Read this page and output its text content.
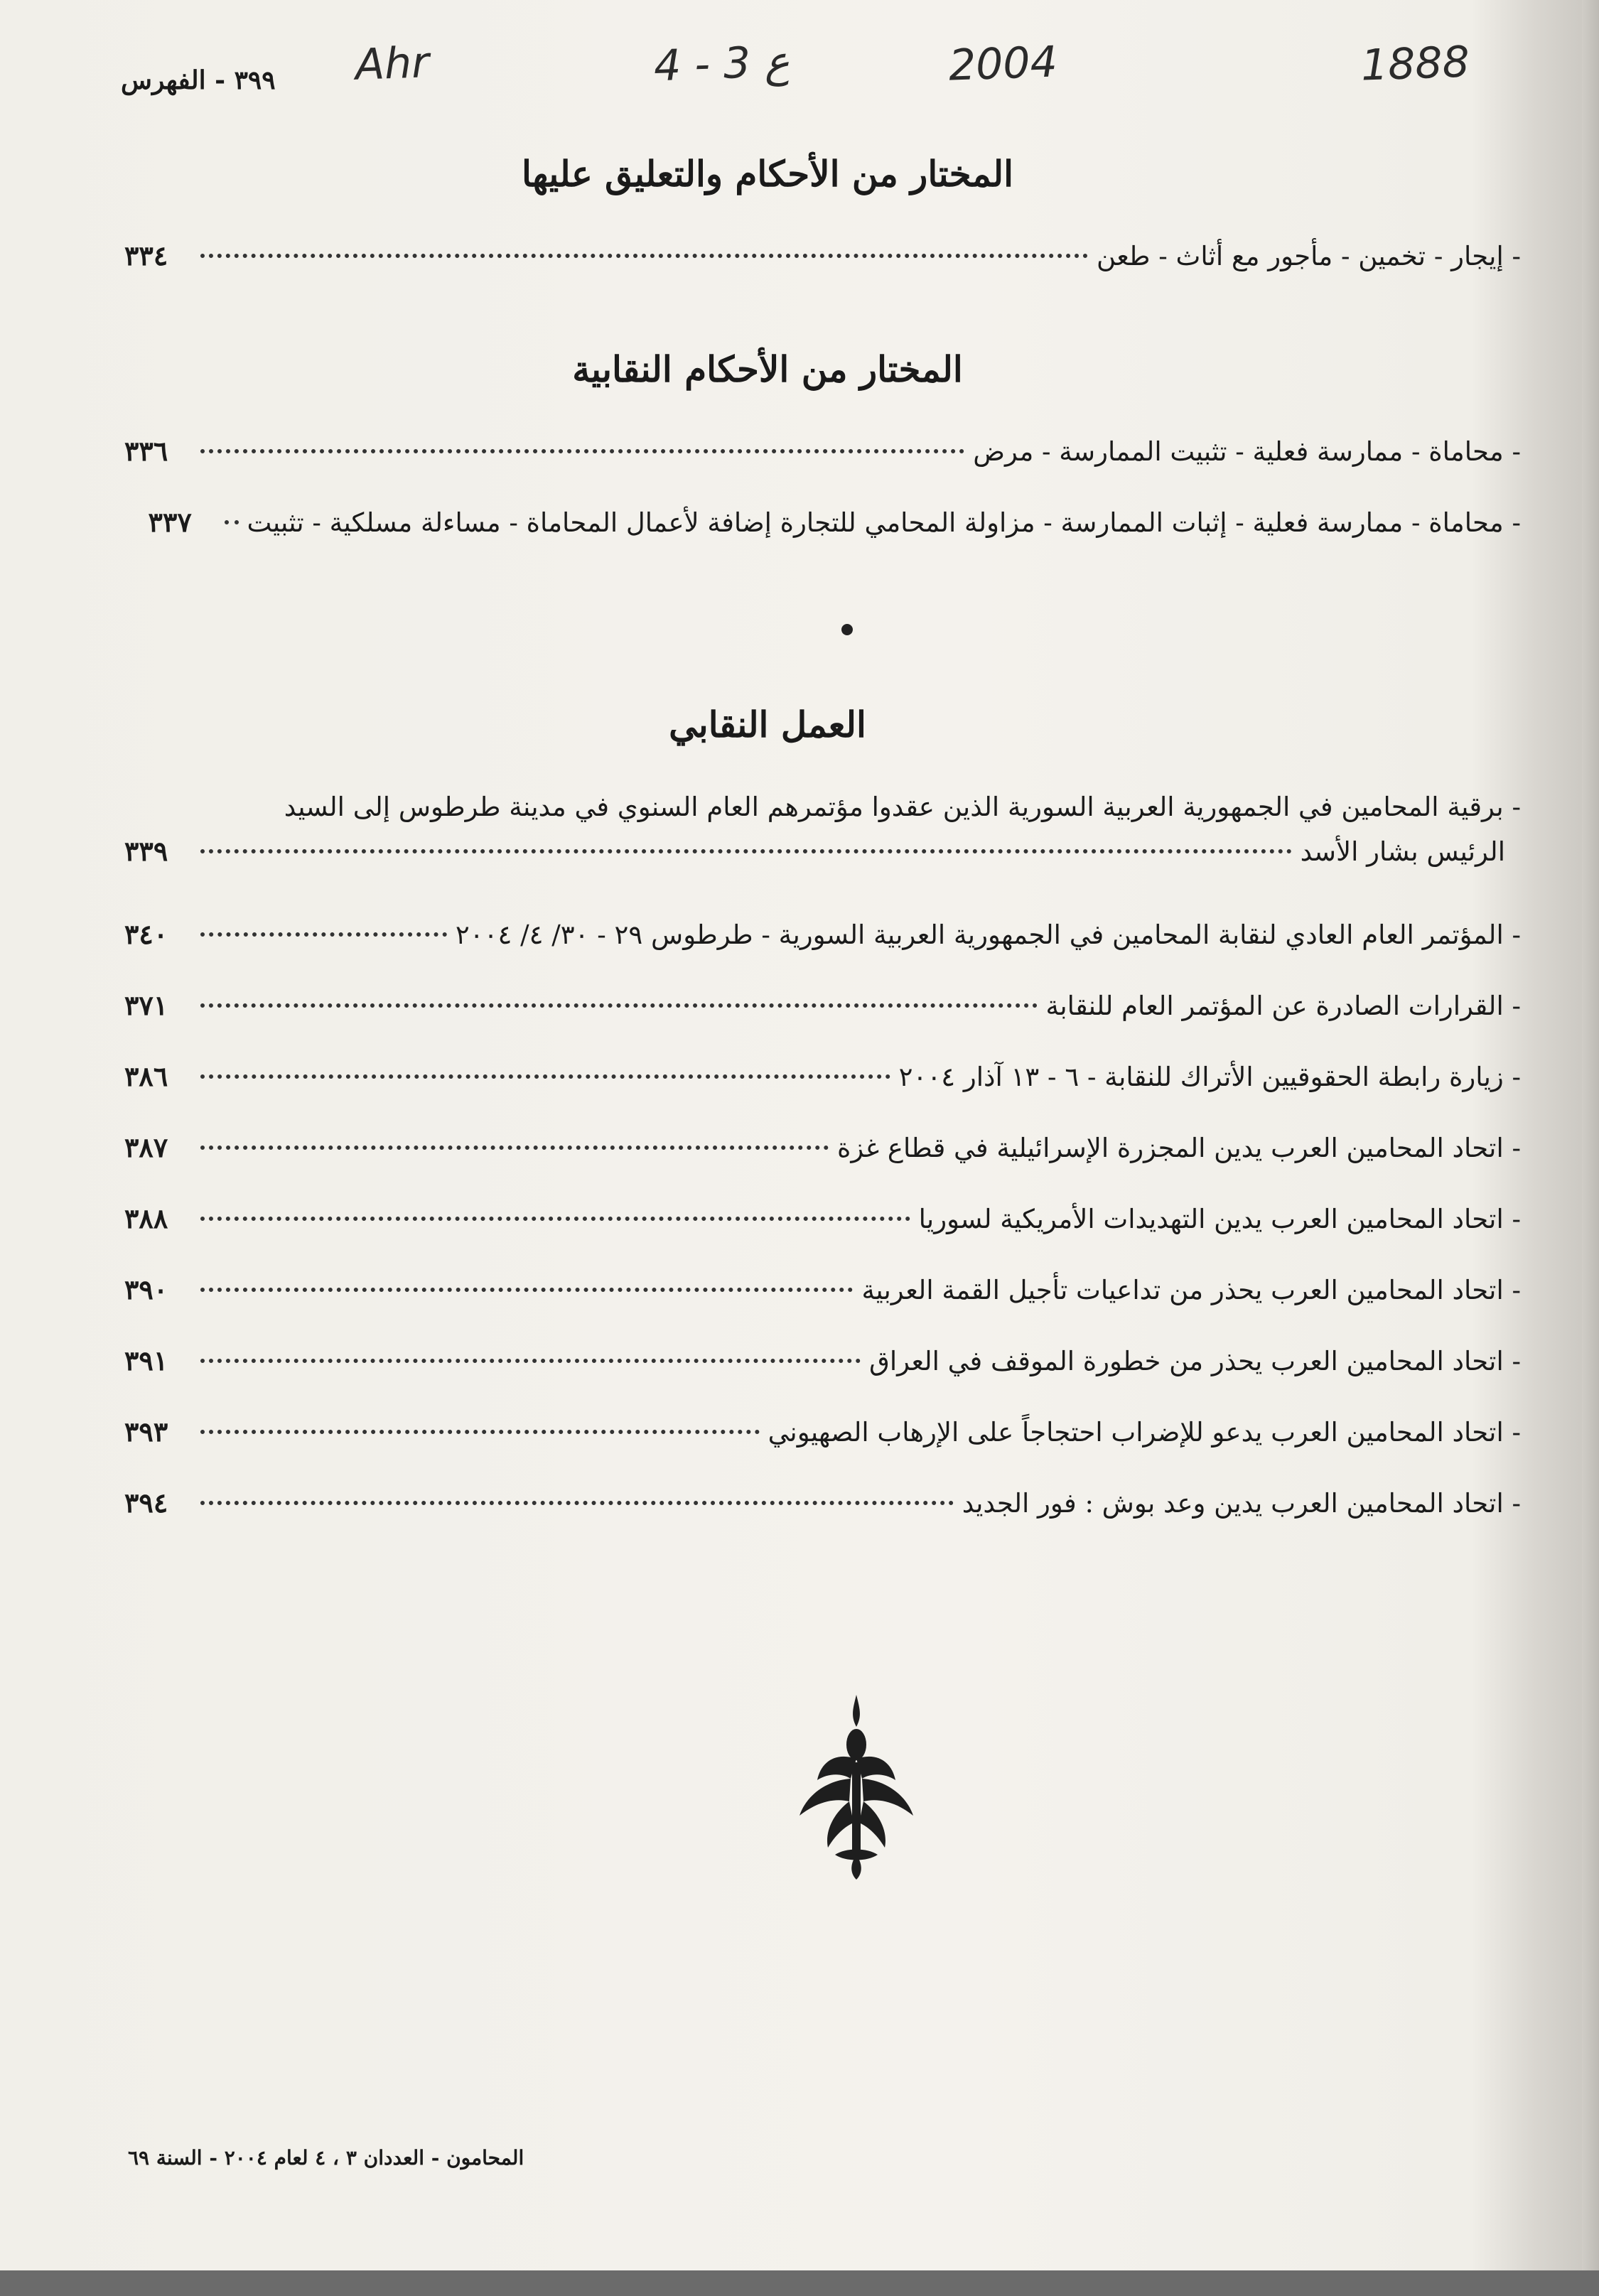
Ahr	ع 3 - 4	2004	1888
٣٩٩ - الفهرس
المختار من الأحكام والتعليق عليها
- إيجار - تخمين - مأجور مع أثاث - طعن
٣٣٤
المختار من الأحكام النقابية
- محاماة - ممارسة فعلية - تثبيت الممارسة - مرض
٣٣٦
- محاماة - ممارسة فعلية - إثبات الممارسة - مزاولة المحامي للتجارة إضافة لأعمال المحاماة - مساءلة مسلكية - تثبيت
٣٣٧
العمل النقابي
- برقية المحامين في الجمهورية العربية السورية الذين عقدوا مؤتمرهم العام السنوي في مدينة طرطوس إلى السيد
الرئيس بشار الأسد
٣٣٩
- المؤتمر العام العادي لنقابة المحامين في الجمهورية العربية السورية - طرطوس ٢٩ - ٣٠/ ٤/ ٢٠٠٤
٣٤٠
- القرارات الصادرة عن المؤتمر العام للنقابة
٣٧١
- زيارة رابطة الحقوقيين الأتراك للنقابة - ٦ - ١٣ آذار ٢٠٠٤
٣٨٦
- اتحاد المحامين العرب يدين المجزرة الإسرائيلية في قطاع غزة
٣٨٧
- اتحاد المحامين العرب يدين التهديدات الأمريكية لسوريا
٣٨٨
- اتحاد المحامين العرب يحذر من تداعيات تأجيل القمة العربية
٣٩٠
- اتحاد المحامين العرب يحذر من خطورة الموقف في العراق
٣٩١
- اتحاد المحامين العرب يدعو للإضراب احتجاجاً على الإرهاب الصهيوني
٣٩٣
- اتحاد المحامين العرب يدين وعد بوش : فور الجديد
٣٩٤
المحامون - العددان ٣ ، ٤ لعام ٢٠٠٤ - السنة ٦٩
